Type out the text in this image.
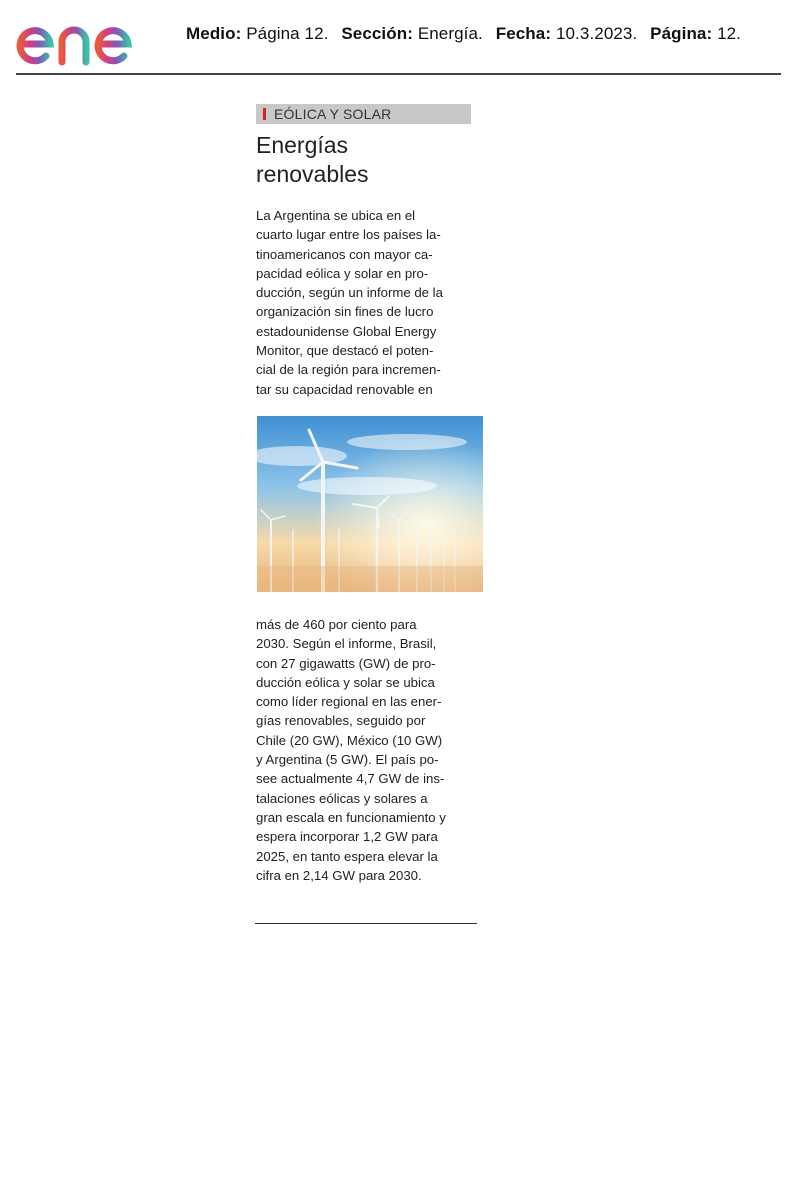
Medio: Página 12. Sección: Energía. Fecha: 10.3.2023. Página: 12.
EÓLICA Y SOLAR
Energías
renovables

La Argentina se ubica en el
cuarto lugar entre los países la-
tinoamericanos con mayor ca-
pacidad eólica y solar en pro-
ducción, según un informe de la
organización sin fines de lucro
estadounidense Global Energy
Monitor, que destacó el poten-
cial de la región para incremen-
tar su capacidad renovable en

más de 460 por ciento para
2030. Según el informe, Brasil,
con 27 gigawatts (GW) de pro-
ducción eólica y solar se ubica
como líder regional en las ener-
gías renovables, seguido por
Chile (20 GW), México (10 GW)
y Argentina (5 GW). El país po-
see actualmente 4,7 GW de ins-
talaciones eólicas y solares a
gran escala en funcionamiento y
espera incorporar 1,2 GW para
2025, en tanto espera elevar la
cifra en 2,14 GW para 2030.
